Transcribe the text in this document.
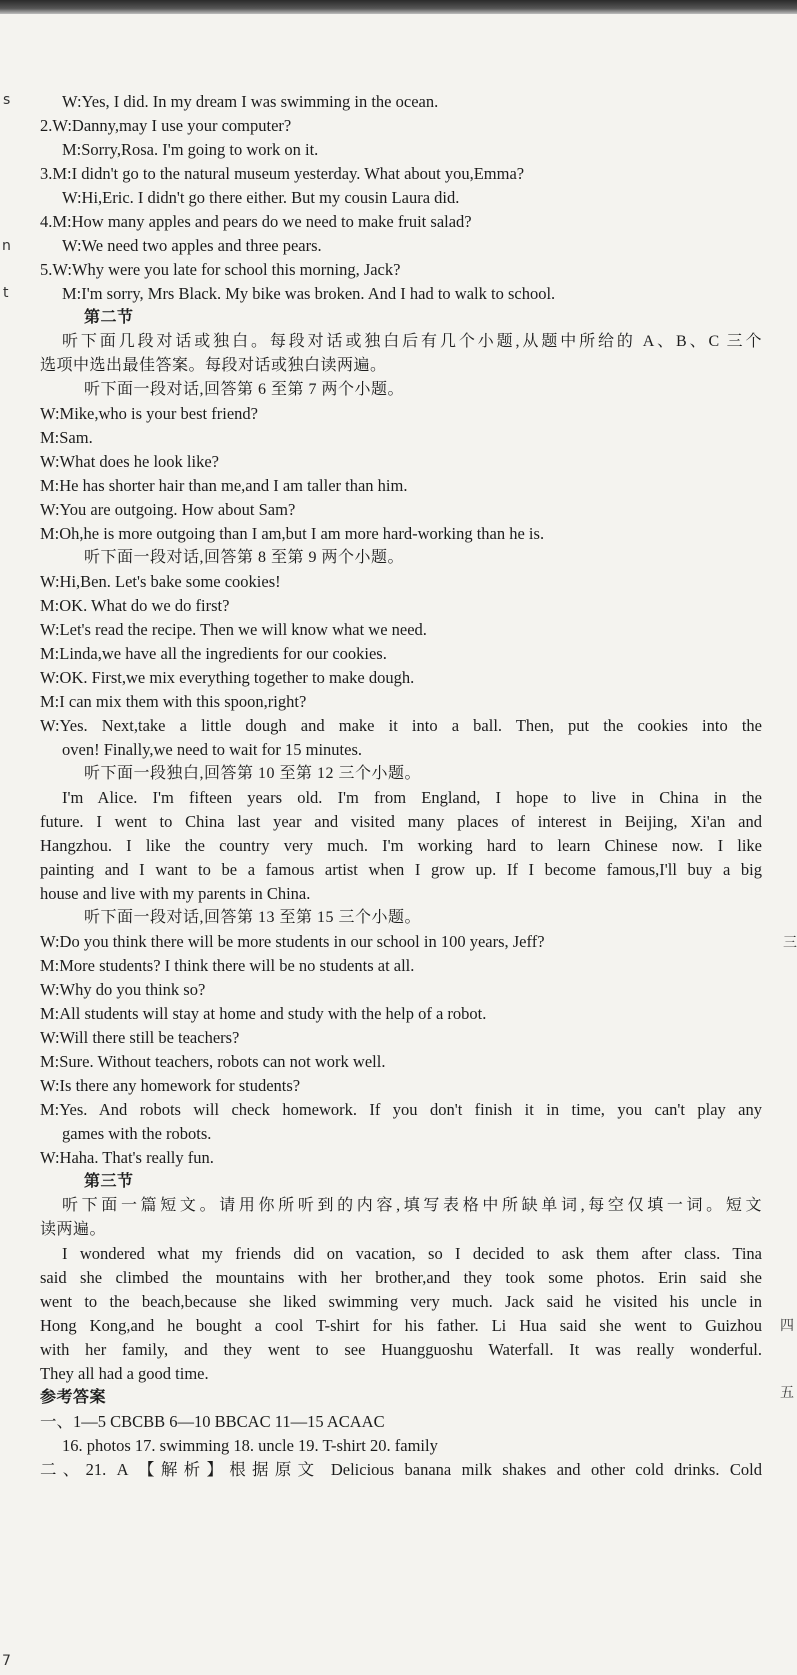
W:Yes, I did. In my dream I was swimming in the ocean.
2.W:Danny,may I use your computer?
M:Sorry,Rosa. I'm going to work on it.
3.M:I didn't go to the natural museum yesterday. What about you,Emma?
W:Hi,Eric. I didn't go there either. But my cousin Laura did.
4.M:How many apples and pears do we need to make fruit salad?
W:We need two apples and three pears.
5.W:Why were you late for school this morning, Jack?
M:I'm sorry, Mrs Black. My bike was broken. And I had to walk to school.
第二节
听下面几段对话或独白。每段对话或独白后有几个小题,从题中所给的 A、B、C 三个
选项中选出最佳答案。每段对话或独白读两遍。
听下面一段对话,回答第 6 至第 7 两个小题。
W:Mike,who is your best friend?
M:Sam.
W:What does he look like?
M:He has shorter hair than me,and I am taller than him.
W:You are outgoing. How about Sam?
M:Oh,he is more outgoing than I am,but I am more hard-working than he is.
听下面一段对话,回答第 8 至第 9 两个小题。
W:Hi,Ben. Let's bake some cookies!
M:OK. What do we do first?
W:Let's read the recipe. Then we will know what we need.
M:Linda,we have all the ingredients for our cookies.
W:OK. First,we mix everything together to make dough.
M:I can mix them with this spoon,right?
W:Yes. Next,take a little dough and make it into a ball. Then, put the cookies into the
oven! Finally,we need to wait for 15 minutes.
听下面一段独白,回答第 10 至第 12 三个小题。
I'm Alice. I'm fifteen years old. I'm from England, I hope to live in China in the
future. I went to China last year and visited many places of interest in Beijing, Xi'an and
Hangzhou. I like the country very much. I'm working hard to learn Chinese now. I like
painting and I want to be a famous artist when I grow up. If I become famous,I'll buy a big
house and live with my parents in China.
听下面一段对话,回答第 13 至第 15 三个小题。
W:Do you think there will be more students in our school in 100 years, Jeff?
M:More students? I think there will be no students at all.
W:Why do you think so?
M:All students will stay at home and study with the help of a robot.
W:Will there still be teachers?
M:Sure. Without teachers, robots can not work well.
W:Is there any homework for students?
M:Yes. And robots will check homework. If you don't finish it in time, you can't play any
games with the robots.
W:Haha. That's really fun.
第三节
听下面一篇短文。请用你所听到的内容,填写表格中所缺单词,每空仅填一词。短文
读两遍。
I wondered what my friends did on vacation, so I decided to ask them after class. Tina
said she climbed the mountains with her brother,and they took some photos. Erin said she
went to the beach,because she liked swimming very much. Jack said he visited his uncle in
Hong Kong,and he bought a cool T-shirt for his father. Li Hua said she went to Guizhou
with her family, and they went to see Huangguoshu Waterfall. It was really wonderful.
They all had a good time.
参考答案
一、1—5 CBCBB 6—10 BBCAC 11—15 ACAAC
16. photos 17. swimming 18. uncle 19. T-shirt 20. family
二、21. A 【解析】根据原文 Delicious banana milk shakes and other cold drinks. Cold
s
n
t
三
四
五
7
